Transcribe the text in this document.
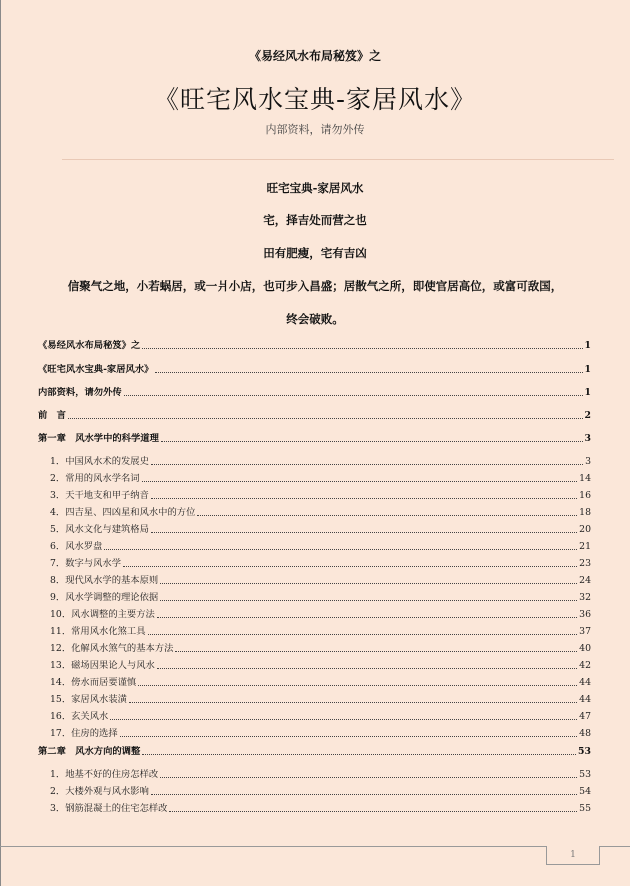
《易经风水布局秘笈》之
《旺宅风水宝典-家居风水》
内部资料，请勿外传
旺宅宝典-家居风水
宅，择吉处而营之也
田有肥瘦，宅有吉凶
信聚气之地，小若蜗居，或一爿小店，也可步入昌盛；居散气之所，即使官居高位，或富可敌国，
终会破败。
《易经风水布局秘笈》之	1
《旺宅风水宝典-家居风水》	1
内部资料，请勿外传	1
前　言	2
第一章　风水学中的科学道理	3
1．中国风水术的发展史	3
2．常用的风水学名词	14
3．天干地支和甲子纳音	16
4．四吉星、四凶星和风水中的方位	18
5．风水文化与建筑格局	20
6．风水罗盘	21
7．数字与风水学	23
8．现代风水学的基本原则	24
9．风水学调整的理论依据	32
10．风水调整的主要方法	36
11．常用风水化煞工具	37
12．化解风水煞气的基本方法	40
13．磁场因果论人与风水	42
14．傍水而居要谨慎	44
15．家居风水装潢	44
16．玄关风水	47
17．住房的选择	48
第二章　风水方向的调整	53
1．地基不好的住房怎样改	53
2．大楼外观与风水影响	54
3．钢筋混凝土的住宅怎样改	55
1
